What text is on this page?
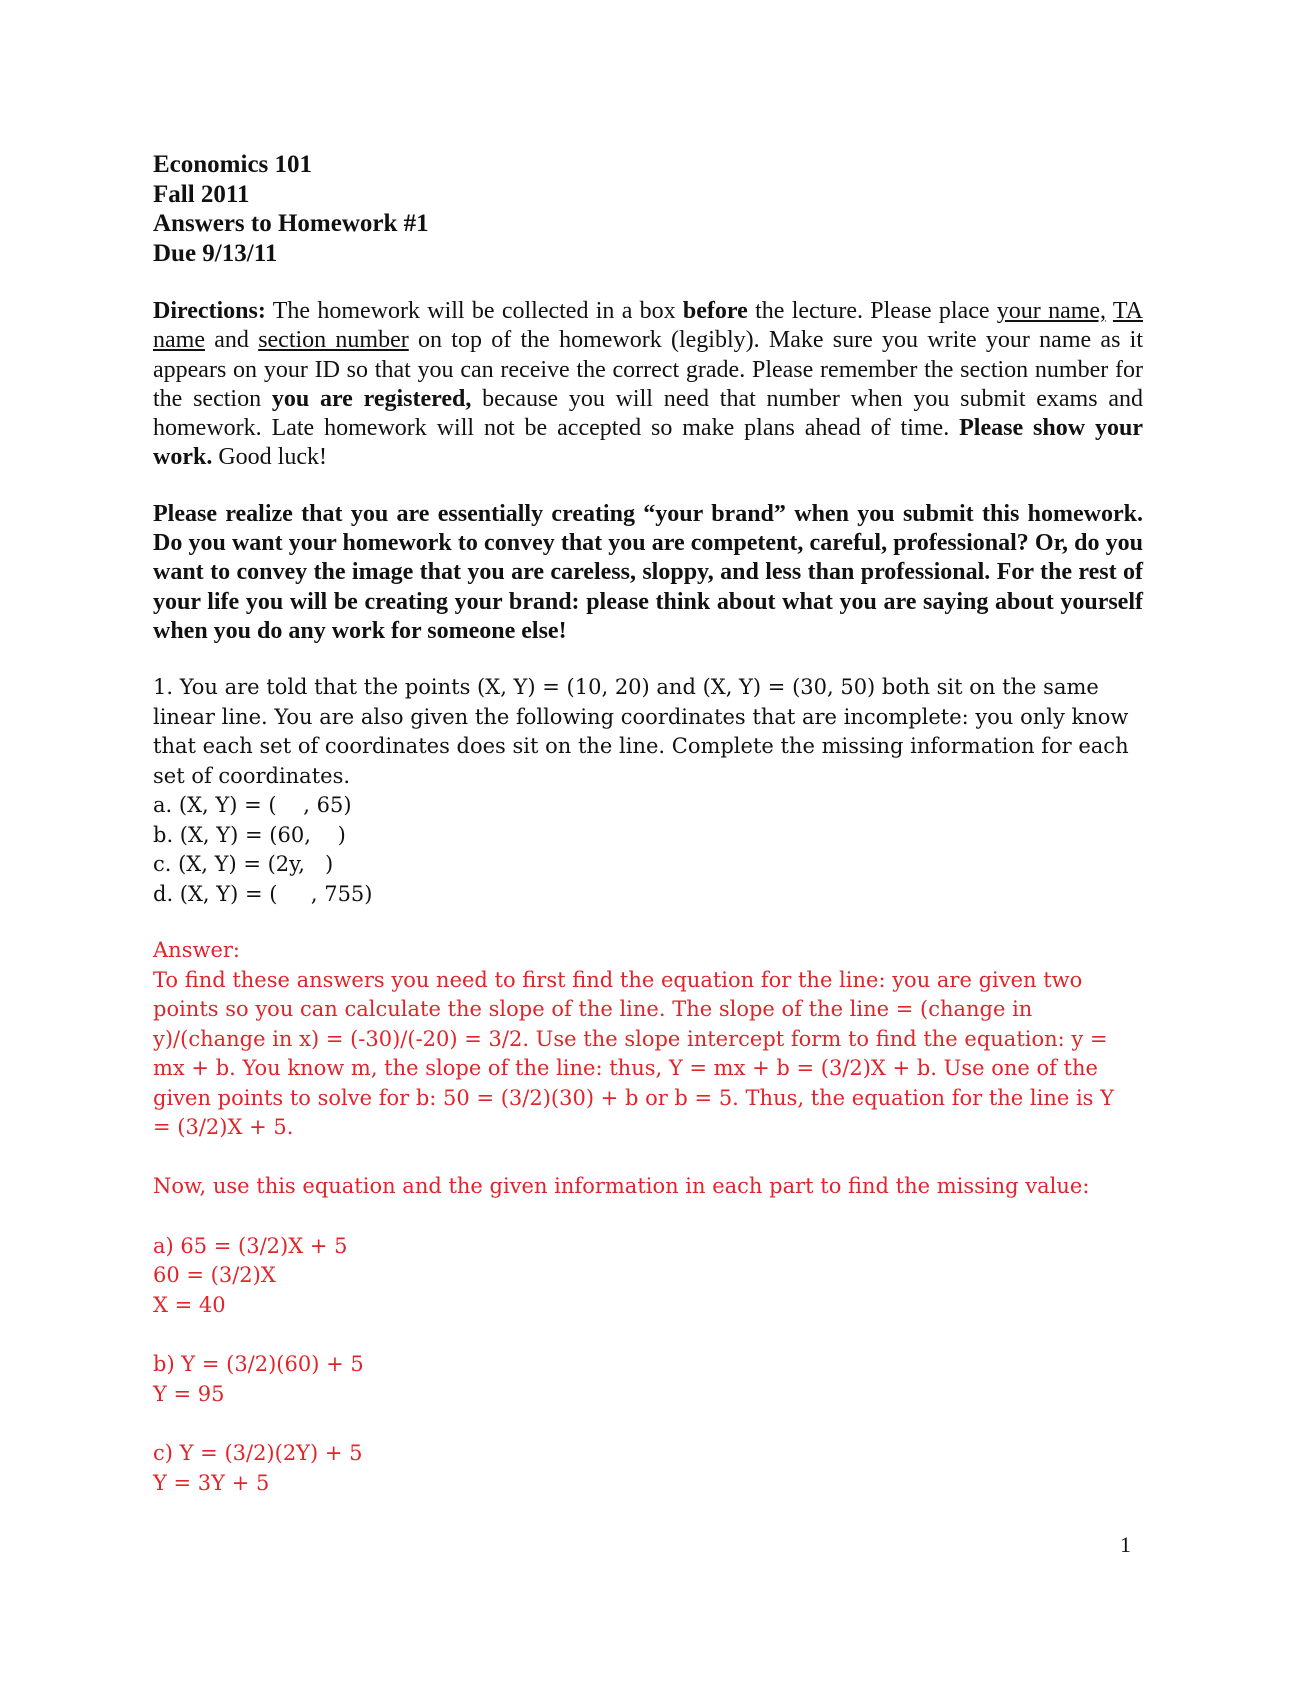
Economics 101
Fall 2011
Answers to Homework #1
Due 9/13/11

Directions: The homework will be collected in a box before the lecture. Please place your name, TA name and section number on top of the homework (legibly). Make sure you write your name as it appears on your ID so that you can receive the correct grade. Please remember the section number for the section you are registered, because you will need that number when you submit exams and homework. Late homework will not be accepted so make plans ahead of time. Please show your work. Good luck!

Please realize that you are essentially creating “your brand” when you submit this homework. Do you want your homework to convey that you are competent, careful, professional? Or, do you want to convey the image that you are careless, sloppy, and less than professional. For the rest of your life you will be creating your brand: please think about what you are saying about yourself when you do any work for someone else!

1. You are told that the points (X, Y) = (10, 20) and (X, Y) = (30, 50) both sit on the same linear line. You are also given the following coordinates that are incomplete: you only know that each set of coordinates does sit on the line. Complete the missing information for each set of coordinates.
a. (X, Y) = (    , 65)
b. (X, Y) = (60,    )
c. (X, Y) = (2y,   )
d. (X, Y) = (     , 755)
Answer:
To find these answers you need to first find the equation for the line: you are given two points so you can calculate the slope of the line. The slope of the line = (change in y)/(change in x) = (-30)/(-20) = 3/2. Use the slope intercept form to find the equation: y = mx + b. You know m, the slope of the line: thus, Y = mx + b = (3/2)X + b. Use one of the given points to solve for b: 50 = (3/2)(30) + b or b = 5. Thus, the equation for the line is Y = (3/2)X + 5.
Now, use this equation and the given information in each part to find the missing value:
a) 65 = (3/2)X + 5
60 = (3/2)X
X = 40
b) Y = (3/2)(60) + 5
Y = 95
c) Y = (3/2)(2Y) + 5
Y = 3Y + 5
1
